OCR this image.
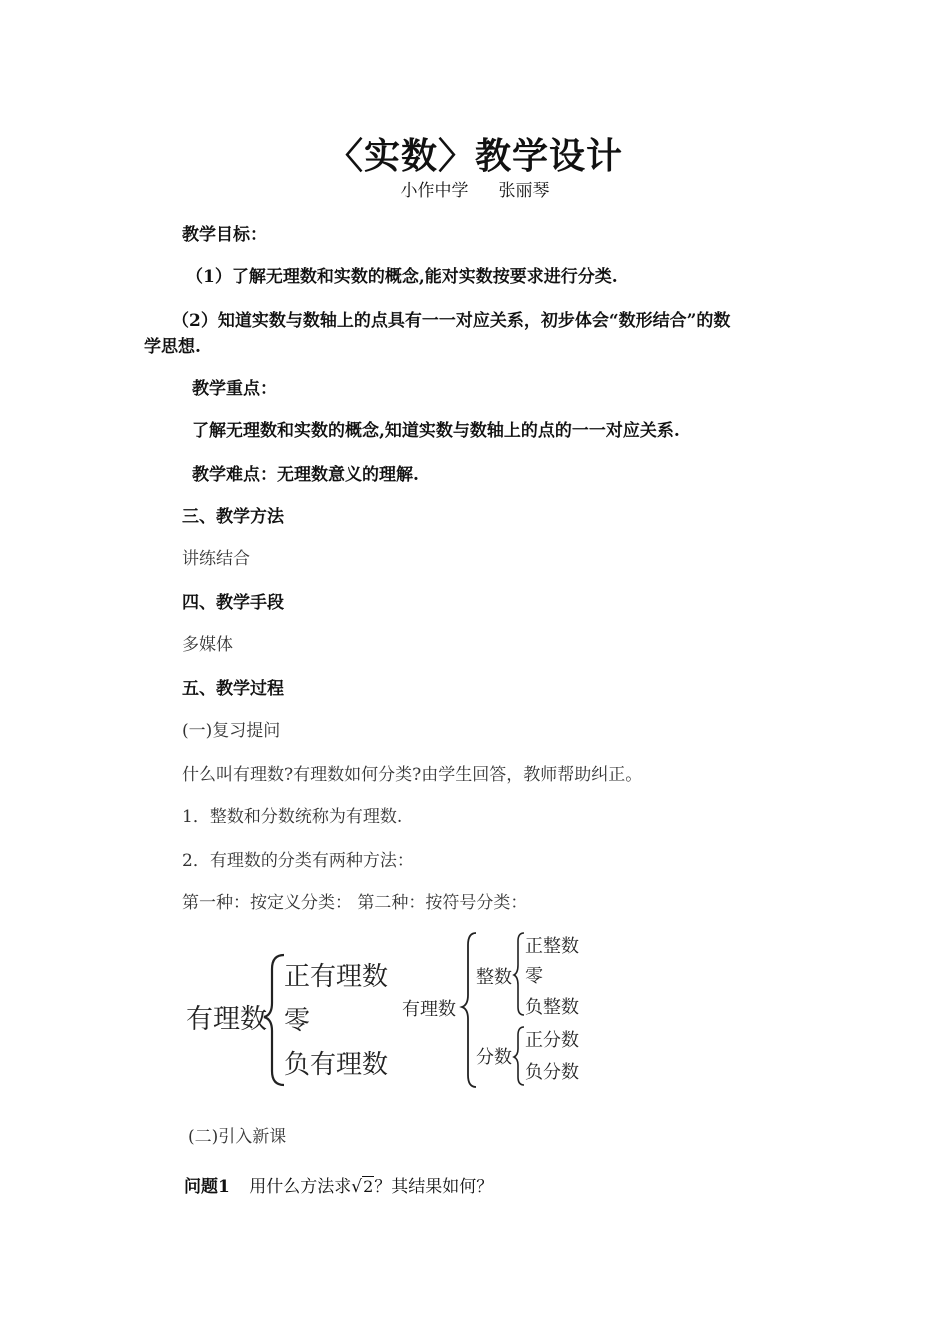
〈实数〉教学设计
小作中学 张丽琴
教学目标：
（1）了解无理数和实数的概念,能对实数按要求进行分类.
（2）知道实数与数轴上的点具有一一对应关系，初步体会“数形结合”的数
学思想.
教学重点：
了解无理数和实数的概念,知道实数与数轴上的点的一一对应关系.
教学难点：无理数意义的理解.
三、教学方法
讲练结合
四、教学手段
多媒体
五、教学过程
(一)复习提问
什么叫有理数?有理数如何分类?由学生回答，教师帮助纠正。
1．整数和分数统称为有理数.
2．有理数的分类有两种方法：
第一种：按定义分类： 第二种：按符号分类：
有理数
正有理数
零
负有理数
有理数
整数
正整数
零
负整数
分数
正分数
负分数
(二)引入新课
问题1 用什么方法求√2？其结果如何？
